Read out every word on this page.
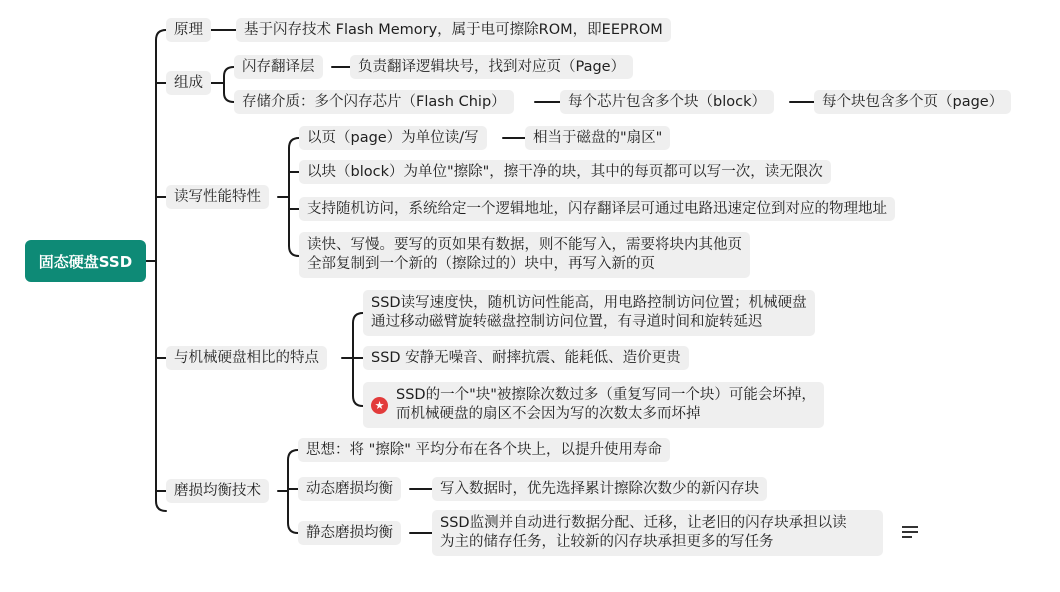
固态硬盘SSD
原理	基于闪存技术 Flash Memory，属于电可擦除ROM，即EEPROM
组成
闪存翻译层	负责翻译逻辑块号，找到对应页（Page）
存储介质：多个闪存芯片（Flash Chip）	每个芯片包含多个块（block）	每个块包含多个页（page）
读写性能特性
以页（page）为单位读/写	相当于磁盘的"扇区"
以块（block）为单位"擦除"，擦干净的块，其中的每页都可以写一次，读无限次
支持随机访问，系统给定一个逻辑地址，闪存翻译层可通过电路迅速定位到对应的物理地址
读快、写慢。要写的页如果有数据，则不能写入，需要将块内其他页
全部复制到一个新的（擦除过的）块中，再写入新的页
与机械硬盘相比的特点
SSD读写速度快，随机访问性能高，用电路控制访问位置；机械硬盘
通过移动磁臂旋转磁盘控制访问位置，有寻道时间和旋转延迟
SSD 安静无噪音、耐摔抗震、能耗低、造价更贵
SSD的一个"块"被擦除次数过多（重复写同一个块）可能会坏掉，
而机械硬盘的扇区不会因为写的次数太多而坏掉
★
磨损均衡技术
思想：将 "擦除" 平均分布在各个块上，以提升使用寿命
动态磨损均衡	写入数据时，优先选择累计擦除次数少的新闪存块
静态磨损均衡
SSD监测并自动进行数据分配、迁移，让老旧的闪存块承担以读
为主的储存任务，让较新的闪存块承担更多的写任务
